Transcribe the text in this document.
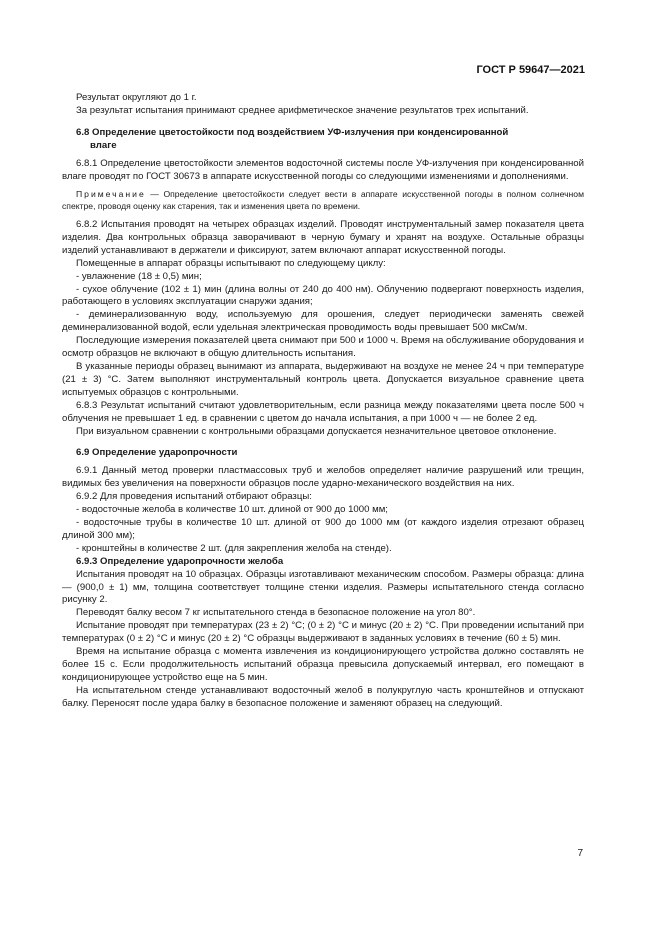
ГОСТ Р 59647—2021

Результат округляют до 1 г.

За результат испытания принимают среднее арифметическое значение результатов трех испытаний.

6.8 Определение цветостойкости под воздействием УФ-излучения при конденсированной
влаге

6.8.1 Определение цветостойкости элементов водосточной системы после УФ-излучения при конденсированной влаге проводят по ГОСТ 30673 в аппарате искусственной погоды со следующими изменениями и дополнениями.

Примечание — Определение цветостойкости следует вести в аппарате искусственной погоды в полном солнечном спектре, проводя оценку как старения, так и изменения цвета по времени.

6.8.2 Испытания проводят на четырех образцах изделий. Проводят инструментальный замер показателя цвета изделия. Два контрольных образца заворачивают в черную бумагу и хранят на воздухе. Остальные образцы изделий устанавливают в держатели и фиксируют, затем включают аппарат искусственной погоды.

Помещенные в аппарат образцы испытывают по следующему циклу:

- увлажнение (18 ± 0,5) мин;

- сухое облучение (102 ± 1) мин (длина волны от 240 до 400 нм). Облучению подвергают поверхность изделия, работающего в условиях эксплуатации снаружи здания;

- деминерализованную воду, используемую для орошения, следует периодически заменять свежей деминерализованной водой, если удельная электрическая проводимость воды превышает 500 мкСм/м.

Последующие измерения показателей цвета снимают при 500 и 1000 ч. Время на обслуживание оборудования и осмотр образцов не включают в общую длительность испытания.

В указанные периоды образец вынимают из аппарата, выдерживают на воздухе не менее 24 ч при температуре (21 ± 3) °С. Затем выполняют инструментальный контроль цвета. Допускается визуальное сравнение цвета испытуемых образцов с контрольными.

6.8.3 Результат испытаний считают удовлетворительным, если разница между показателями цвета после 500 ч облучения не превышает 1 ед. в сравнении с цветом до начала испытания, а при 1000 ч — не более 2 ед.

При визуальном сравнении с контрольными образцами допускается незначительное цветовое отклонение.

6.9 Определение ударопрочности

6.9.1 Данный метод проверки пластмассовых труб и желобов определяет наличие разрушений или трещин, видимых без увеличения на поверхности образцов после ударно-механического воздействия на них.

6.9.2 Для проведения испытаний отбирают образцы:

- водосточные желоба в количестве 10 шт. длиной от 900 до 1000 мм;

- водосточные трубы в количестве 10 шт. длиной от 900 до 1000 мм (от каждого изделия отрезают образец длиной 300 мм);

- кронштейны в количестве 2 шт. (для закрепления желоба на стенде).

6.9.3 Определение ударопрочности желоба

Испытания проводят на 10 образцах. Образцы изготавливают механическим способом. Размеры образца: длина — (900,0 ± 1) мм, толщина соответствует толщине стенки изделия. Размеры испытательного стенда согласно рисунку 2.

Переводят балку весом 7 кг испытательного стенда в безопасное положение на угол 80°.

Испытание проводят при температурах (23 ± 2) °С; (0 ± 2) °С и минус (20 ± 2) °С. При проведении испытаний при температурах (0 ± 2) °С и минус (20 ± 2) °С образцы выдерживают в заданных условиях в течение (60 ± 5) мин.

Время на испытание образца с момента извлечения из кондиционирующего устройства должно составлять не более 15 с. Если продолжительность испытаний образца превысила допускаемый интервал, его помещают в кондиционирующее устройство еще на 5 мин.

На испытательном стенде устанавливают водосточный желоб в полукруглую часть кронштейнов и отпускают балку. Переносят после удара балку в безопасное положение и заменяют образец на следующий.

7
